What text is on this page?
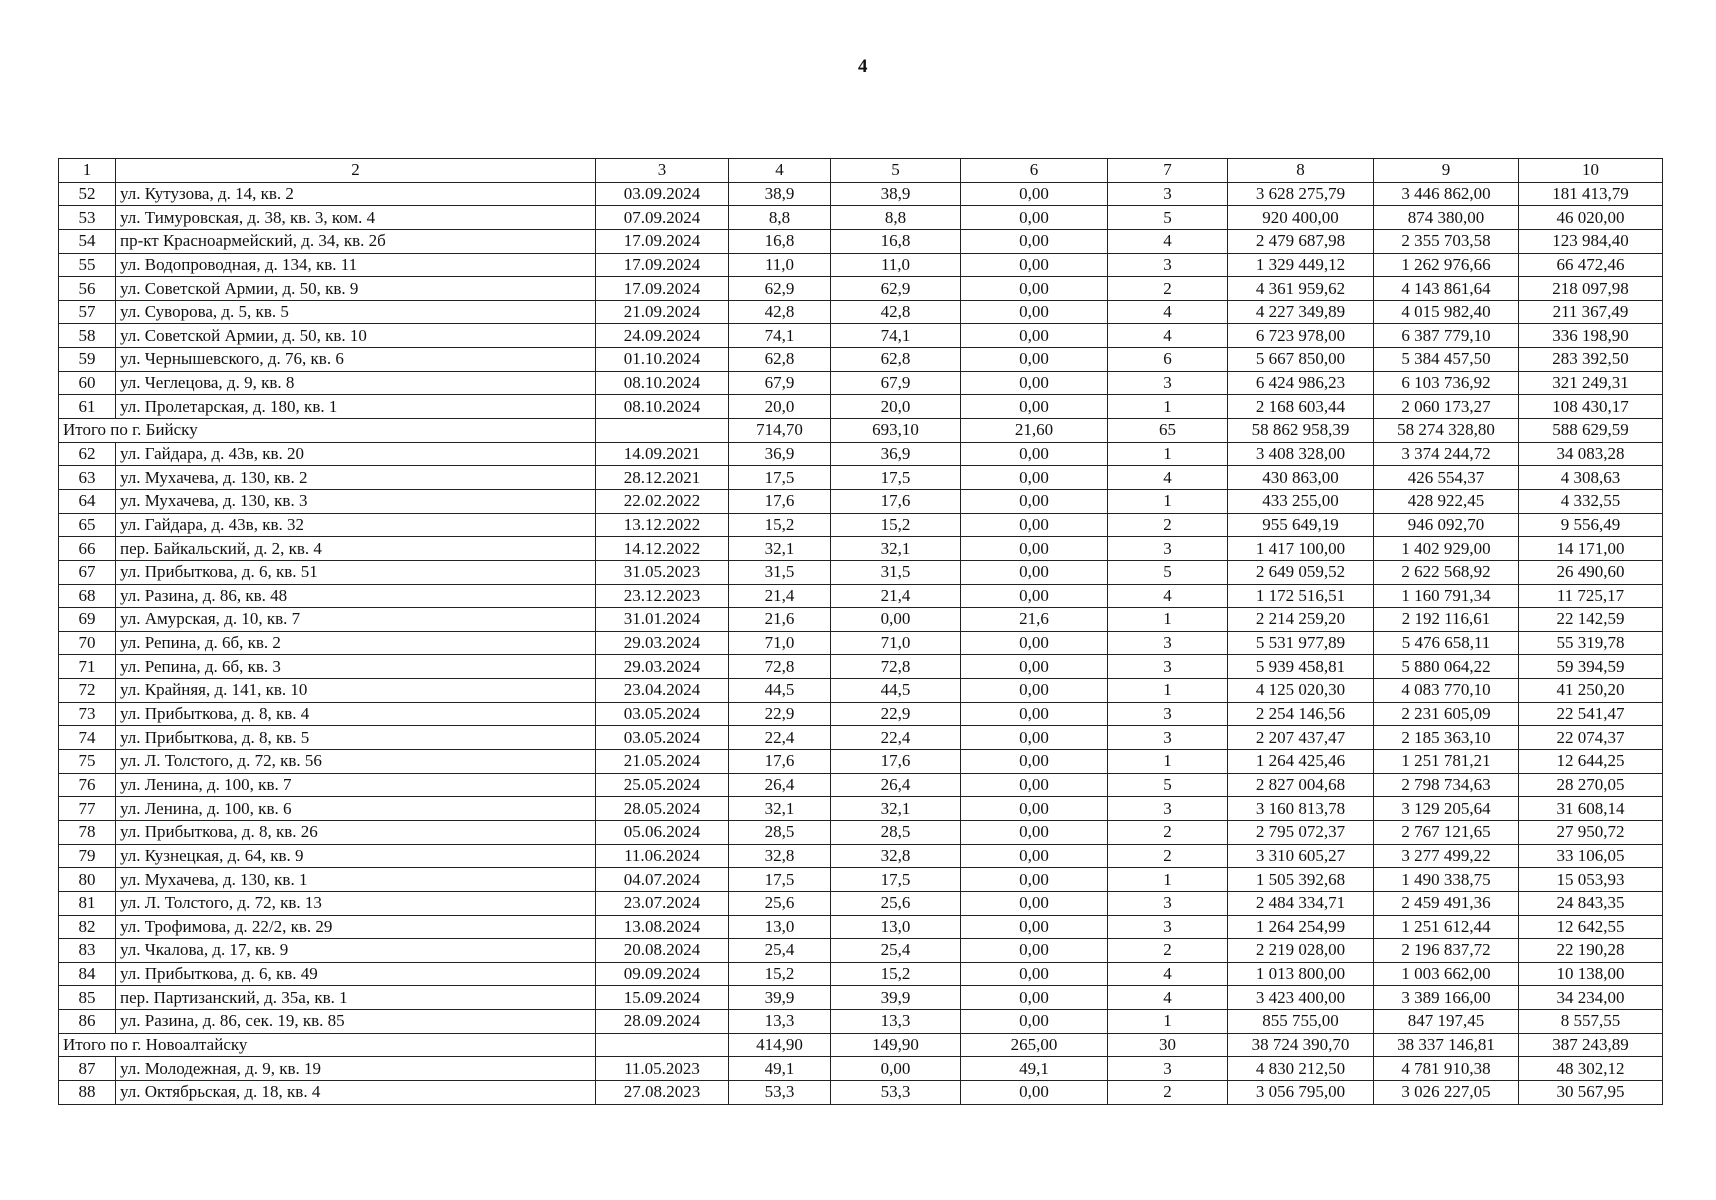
4
1	2	3	4	5	6	7	8	9	10
52	ул. Кутузова, д. 14, кв. 2	03.09.2024	38,9	38,9	0,00	3	3 628 275,79	3 446 862,00	181 413,79
53	ул. Тимуровская, д. 38, кв. 3, ком. 4	07.09.2024	8,8	8,8	0,00	5	920 400,00	874 380,00	46 020,00
54	пр-кт Красноармейский, д. 34, кв. 2б	17.09.2024	16,8	16,8	0,00	4	2 479 687,98	2 355 703,58	123 984,40
55	ул. Водопроводная, д. 134, кв. 11	17.09.2024	11,0	11,0	0,00	3	1 329 449,12	1 262 976,66	66 472,46
56	ул. Советской Армии, д. 50, кв. 9	17.09.2024	62,9	62,9	0,00	2	4 361 959,62	4 143 861,64	218 097,98
57	ул. Суворова, д. 5, кв. 5	21.09.2024	42,8	42,8	0,00	4	4 227 349,89	4 015 982,40	211 367,49
58	ул. Советской Армии, д. 50, кв. 10	24.09.2024	74,1	74,1	0,00	4	6 723 978,00	6 387 779,10	336 198,90
59	ул. Чернышевского, д. 76, кв. 6	01.10.2024	62,8	62,8	0,00	6	5 667 850,00	5 384 457,50	283 392,50
60	ул. Чеглецова, д. 9, кв. 8	08.10.2024	67,9	67,9	0,00	3	6 424 986,23	6 103 736,92	321 249,31
61	ул. Пролетарская, д. 180, кв. 1	08.10.2024	20,0	20,0	0,00	1	2 168 603,44	2 060 173,27	108 430,17
Итого по г. Бийску			714,70	693,10	21,60	65	58 862 958,39	58 274 328,80	588 629,59
62	ул. Гайдара, д. 43в, кв. 20	14.09.2021	36,9	36,9	0,00	1	3 408 328,00	3 374 244,72	34 083,28
63	ул. Мухачева, д. 130, кв. 2	28.12.2021	17,5	17,5	0,00	4	430 863,00	426 554,37	4 308,63
64	ул. Мухачева, д. 130, кв. 3	22.02.2022	17,6	17,6	0,00	1	433 255,00	428 922,45	4 332,55
65	ул. Гайдара, д. 43в, кв. 32	13.12.2022	15,2	15,2	0,00	2	955 649,19	946 092,70	9 556,49
66	пер. Байкальский, д. 2, кв. 4	14.12.2022	32,1	32,1	0,00	3	1 417 100,00	1 402 929,00	14 171,00
67	ул. Прибыткова, д. 6, кв. 51	31.05.2023	31,5	31,5	0,00	5	2 649 059,52	2 622 568,92	26 490,60
68	ул. Разина, д. 86, кв. 48	23.12.2023	21,4	21,4	0,00	4	1 172 516,51	1 160 791,34	11 725,17
69	ул. Амурская, д. 10, кв. 7	31.01.2024	21,6	0,00	21,6	1	2 214 259,20	2 192 116,61	22 142,59
70	ул. Репина, д. 6б, кв. 2	29.03.2024	71,0	71,0	0,00	3	5 531 977,89	5 476 658,11	55 319,78
71	ул. Репина, д. 6б, кв. 3	29.03.2024	72,8	72,8	0,00	3	5 939 458,81	5 880 064,22	59 394,59
72	ул. Крайняя, д. 141, кв. 10	23.04.2024	44,5	44,5	0,00	1	4 125 020,30	4 083 770,10	41 250,20
73	ул. Прибыткова, д. 8, кв. 4	03.05.2024	22,9	22,9	0,00	3	2 254 146,56	2 231 605,09	22 541,47
74	ул. Прибыткова, д. 8, кв. 5	03.05.2024	22,4	22,4	0,00	3	2 207 437,47	2 185 363,10	22 074,37
75	ул. Л. Толстого, д. 72, кв. 56	21.05.2024	17,6	17,6	0,00	1	1 264 425,46	1 251 781,21	12 644,25
76	ул. Ленина, д. 100, кв. 7	25.05.2024	26,4	26,4	0,00	5	2 827 004,68	2 798 734,63	28 270,05
77	ул. Ленина, д. 100, кв. 6	28.05.2024	32,1	32,1	0,00	3	3 160 813,78	3 129 205,64	31 608,14
78	ул. Прибыткова, д. 8, кв. 26	05.06.2024	28,5	28,5	0,00	2	2 795 072,37	2 767 121,65	27 950,72
79	ул. Кузнецкая, д. 64, кв. 9	11.06.2024	32,8	32,8	0,00	2	3 310 605,27	3 277 499,22	33 106,05
80	ул. Мухачева, д. 130, кв. 1	04.07.2024	17,5	17,5	0,00	1	1 505 392,68	1 490 338,75	15 053,93
81	ул. Л. Толстого, д. 72, кв. 13	23.07.2024	25,6	25,6	0,00	3	2 484 334,71	2 459 491,36	24 843,35
82	ул. Трофимова, д. 22/2, кв. 29	13.08.2024	13,0	13,0	0,00	3	1 264 254,99	1 251 612,44	12 642,55
83	ул. Чкалова, д. 17, кв. 9	20.08.2024	25,4	25,4	0,00	2	2 219 028,00	2 196 837,72	22 190,28
84	ул. Прибыткова, д. 6, кв. 49	09.09.2024	15,2	15,2	0,00	4	1 013 800,00	1 003 662,00	10 138,00
85	пер. Партизанский, д. 35а, кв. 1	15.09.2024	39,9	39,9	0,00	4	3 423 400,00	3 389 166,00	34 234,00
86	ул. Разина, д. 86, сек. 19, кв. 85	28.09.2024	13,3	13,3	0,00	1	855 755,00	847 197,45	8 557,55
Итого по г. Новоалтайску			414,90	149,90	265,00	30	38 724 390,70	38 337 146,81	387 243,89
87	ул. Молодежная, д. 9, кв. 19	11.05.2023	49,1	0,00	49,1	3	4 830 212,50	4 781 910,38	48 302,12
88	ул. Октябрьская, д. 18, кв. 4	27.08.2023	53,3	53,3	0,00	2	3 056 795,00	3 026 227,05	30 567,95
